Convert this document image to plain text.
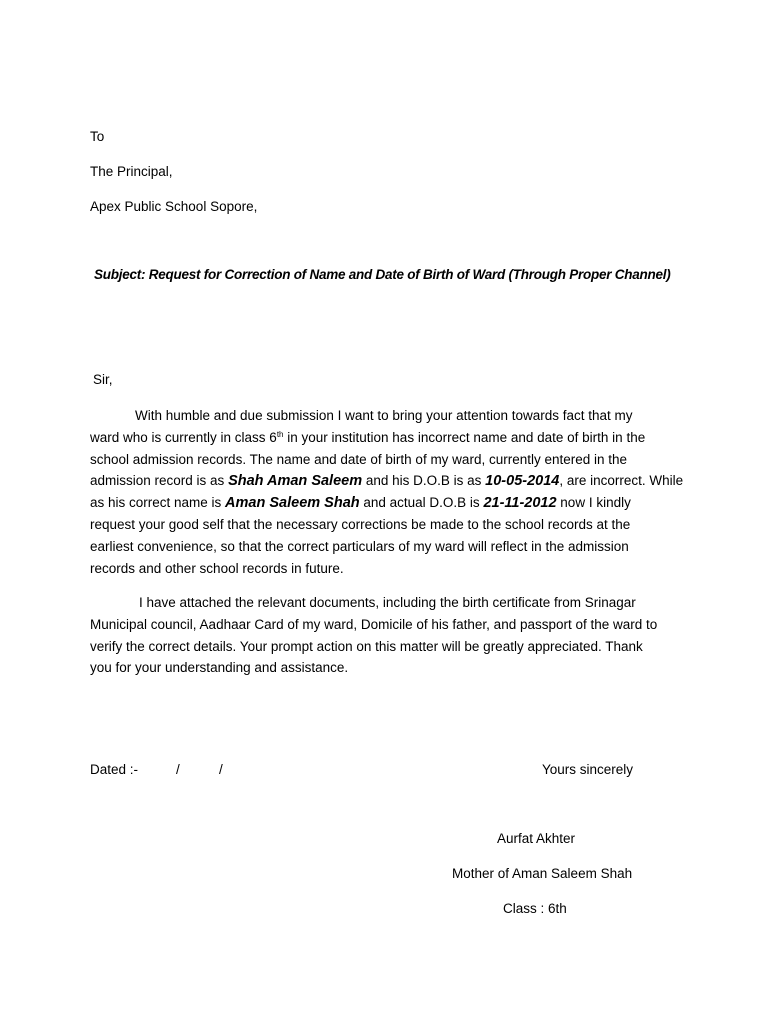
To
The Principal,
Apex Public School Sopore,
Subject: Request for Correction of Name and Date of Birth of Ward (Through Proper Channel)
Sir,
With humble and due submission I want to bring your attention towards fact that my
ward who is currently in class 6th in your institution has incorrect name and date of birth in the
school admission records. The name and date of birth of my ward, currently entered in the
admission record is as Shah Aman Saleem and his D.O.B is as 10-05-2014, are incorrect. While
as his correct name is Aman Saleem Shah and actual D.O.B is 21-11-2012 now I kindly
request your good self that the necessary corrections be made to the school records at the
earliest convenience, so that the correct particulars of my ward will reflect in the admission
records and other school records in future.
I have attached the relevant documents, including the birth certificate from Srinagar
Municipal council, Aadhaar Card of my ward, Domicile of his father, and passport of the ward to
verify the correct details. Your prompt action on this matter will be greatly appreciated. Thank
you for your understanding and assistance.
Dated :-	/	/	Yours sincerely
Aurfat Akhter
Mother of Aman Saleem Shah
Class : 6th
